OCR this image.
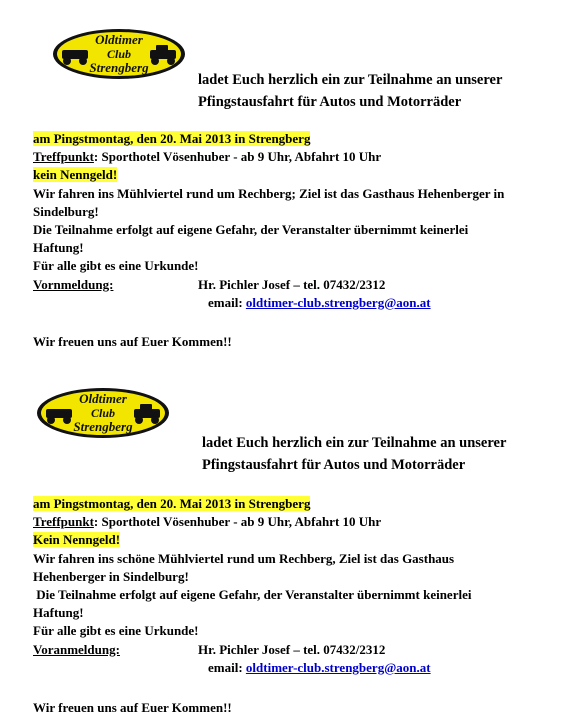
Oldtimer
Club
Strengberg
ladet Euch herzlich ein zur Teilnahme an unserer
Pfingstausfahrt für Autos und Motorräder
am Pingstmontag, den 20. Mai 2013 in Strengberg
Treffpunkt: Sporthotel Vösenhuber - ab 9 Uhr, Abfahrt 10 Uhr
kein Nenngeld!
Wir fahren ins Mühlviertel rund um Rechberg; Ziel ist das Gasthaus Hehenberger in
Sindelburg!
Die Teilnahme erfolgt auf eigene Gefahr, der Veranstalter übernimmt keinerlei
Haftung!
Für alle gibt es eine Urkunde!
Vornmeldung:	Hr. Pichler Josef – tel. 07432/2312
email: oldtimer-club.strengberg@aon.at
Wir freuen uns auf Euer Kommen!!
Oldtimer
Club
Strengberg
ladet Euch herzlich ein zur Teilnahme an unserer
Pfingstausfahrt für Autos und Motorräder
am Pingstmontag, den 20. Mai 2013 in Strengberg
Treffpunkt: Sporthotel Vösenhuber - ab 9 Uhr, Abfahrt 10 Uhr
Kein Nenngeld!
Wir fahren ins schöne Mühlviertel rund um Rechberg, Ziel ist das Gasthaus
Hehenberger in Sindelburg!
Die Teilnahme erfolgt auf eigene Gefahr, der Veranstalter übernimmt keinerlei
Haftung!
Für alle gibt es eine Urkunde!
Voranmeldung:	Hr. Pichler Josef – tel. 07432/2312
email: oldtimer-club.strengberg@aon.at
Wir freuen uns auf Euer Kommen!!
